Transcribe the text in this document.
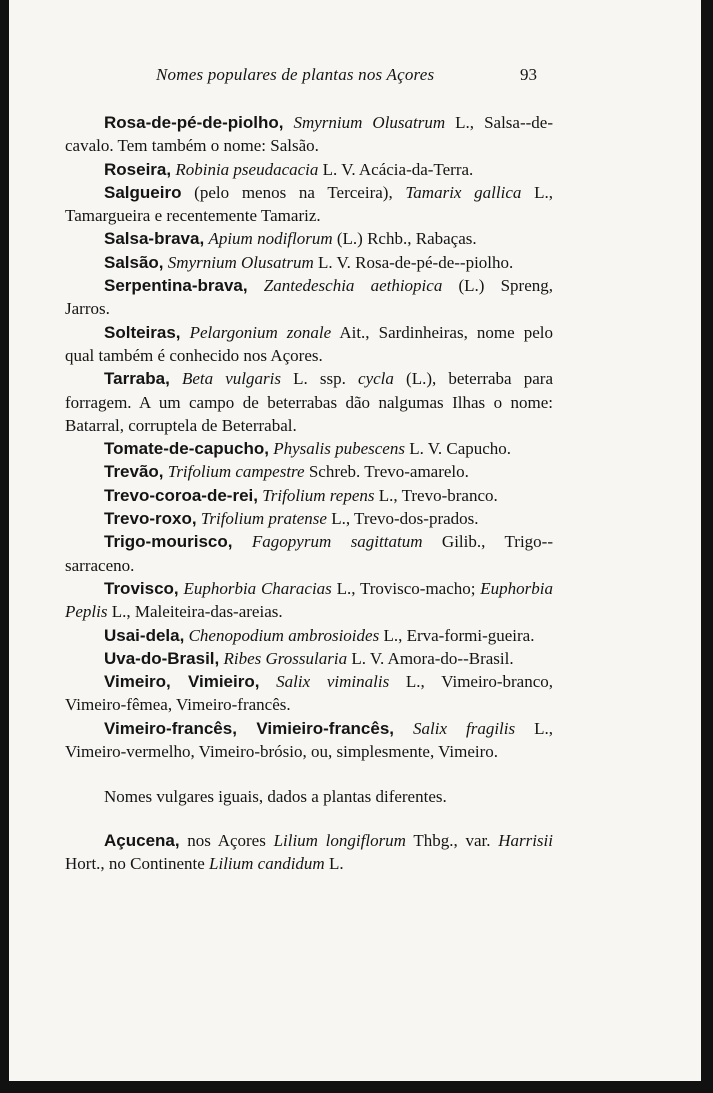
Nomes populares de plantas nos Açores	93

Rosa-de-pé-de-piolho, Smyrnium Olusatrum L., Salsa--de-cavalo. Tem também o nome: Salsão.

Roseira, Robinia pseudacacia L. V. Acácia-da-Terra.

Salgueiro (pelo menos na Terceira), Tamarix gallica L., Tamargueira e recentemente Tamariz.

Salsa-brava, Apium nodiflorum (L.) Rchb., Rabaças.

Salsão, Smyrnium Olusatrum L. V. Rosa-de-pé-de--piolho.

Serpentina-brava, Zantedeschia aethiopica (L.) Spreng, Jarros.

Solteiras, Pelargonium zonale Ait., Sardinheiras, nome pelo qual também é conhecido nos Açores.

Tarraba, Beta vulgaris L. ssp. cycla (L.), beterraba para forragem. A um campo de beterrabas dão nalgumas Ilhas o nome: Batarral, corruptela de Beterrabal.

Tomate-de-capucho, Physalis pubescens L. V. Capucho.

Trevão, Trifolium campestre Schreb. Trevo-amarelo.

Trevo-coroa-de-rei, Trifolium repens L., Trevo-branco.

Trevo-roxo, Trifolium pratense L., Trevo-dos-prados.

Trigo-mourisco, Fagopyrum sagittatum Gilib., Trigo--sarraceno.

Trovisco, Euphorbia Characias L., Trovisco-macho; Euphorbia Peplis L., Maleiteira-das-areias.

Usai-dela, Chenopodium ambrosioides L., Erva-formi-gueira.

Uva-do-Brasil, Ribes Grossularia L. V. Amora-do--Brasil.

Vimeiro, Vimieiro, Salix viminalis L., Vimeiro-branco, Vimeiro-fêmea, Vimeiro-francês.

Vimeiro-francês, Vimieiro-francês, Salix fragilis L., Vimeiro-vermelho, Vimeiro-brósio, ou, simplesmente, Vimeiro.

Nomes vulgares iguais, dados a plantas diferentes.

Açucena, nos Açores Lilium longiflorum Thbg., var. Harrisii Hort., no Continente Lilium candidum L.
